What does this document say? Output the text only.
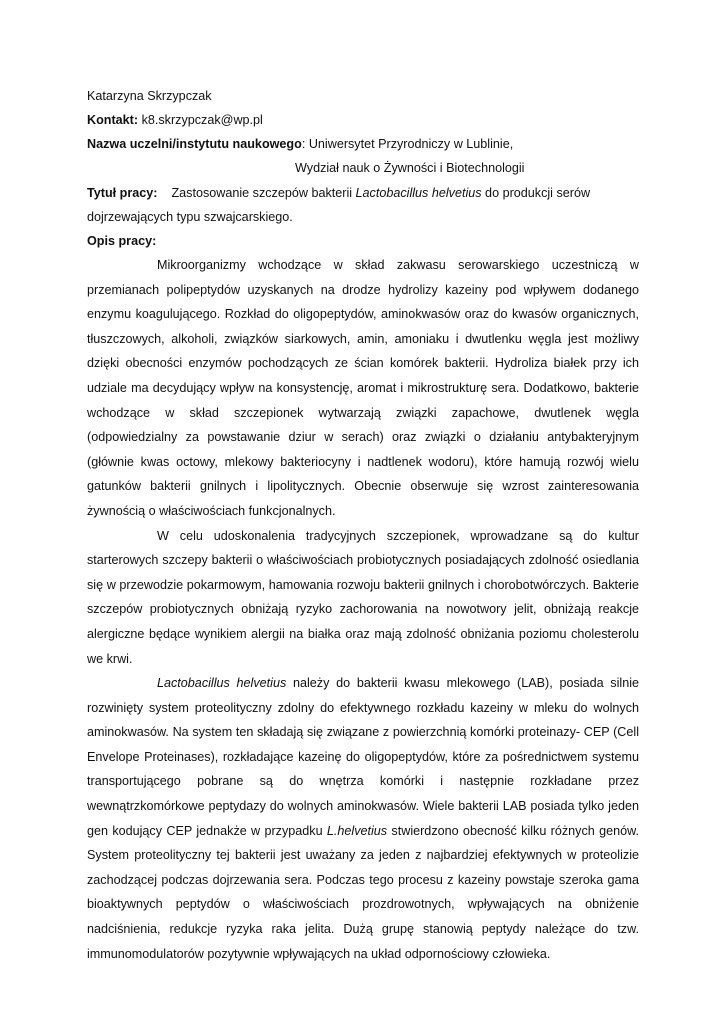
Katarzyna Skrzypczak
Kontakt: k8.skrzypczak@wp.pl
Nazwa uczelni/instytutu naukowego: Uniwersytet Przyrodniczy w Lublinie,
Wydział nauk o Żywności i Biotechnologii
Tytuł pracy: Zastosowanie szczepów bakterii Lactobacillus helvetius do produkcji serów
dojrzewających typu szwajcarskiego.
Opis pracy:

Mikroorganizmy wchodzące w skład zakwasu serowarskiego uczestniczą w przemianach polipeptydów uzyskanych na drodze hydrolizy kazeiny pod wpływem dodanego enzymu koagulującego. Rozkład do oligopeptydów, aminokwasów oraz do kwasów organicznych, tłuszczowych, alkoholi, związków siarkowych, amin, amoniaku i dwutlenku węgla jest możliwy dzięki obecności enzymów pochodzących ze ścian komórek bakterii. Hydroliza białek przy ich udziale ma decydujący wpływ na konsystencję, aromat i mikrostrukturę sera. Dodatkowo, bakterie wchodzące w skład szczepionek wytwarzają związki zapachowe, dwutlenek węgla (odpowiedzialny za powstawanie dziur w serach) oraz związki o działaniu antybakteryjnym (głównie kwas octowy, mlekowy bakteriocyny i nadtlenek wodoru), które hamują rozwój wielu gatunków bakterii gnilnych i lipolitycznych. Obecnie obserwuje się wzrost zainteresowania żywnością o właściwościach funkcjonalnych.

W celu udoskonalenia tradycyjnych szczepionek, wprowadzane są do kultur starterowych szczepy bakterii o właściwościach probiotycznych posiadających zdolność osiedlania się w przewodzie pokarmowym, hamowania rozwoju bakterii gnilnych i chorobotwórczych. Bakterie szczepów probiotycznych obniżają ryzyko zachorowania na nowotwory jelit, obniżają reakcje alergiczne będące wynikiem alergii na białka oraz mają zdolność obniżania poziomu cholesterolu we krwi.

Lactobacillus helvetius należy do bakterii kwasu mlekowego (LAB), posiada silnie rozwinięty system proteolityczny zdolny do efektywnego rozkładu kazeiny w mleku do wolnych aminokwasów. Na system ten składają się związane z powierzchnią komórki proteinazy- CEP (Cell Envelope Proteinases), rozkładające kazeinę do oligopeptydów, które za pośrednictwem systemu transportującego pobrane są do wnętrza komórki i następnie rozkładane przez wewnątrzkomórkowe peptydazy do wolnych aminokwasów. Wiele bakterii LAB posiada tylko jeden gen kodujący CEP jednakże w przypadku L.helvetius stwierdzono obecność kilku różnych genów. System proteolityczny tej bakterii jest uważany za jeden z najbardziej efektywnych w proteolizie zachodzącej podczas dojrzewania sera. Podczas tego procesu z kazeiny powstaje szeroka gama bioaktywnych peptydów o właściwościach prozdrowotnych, wpływających na obniżenie nadciśnienia, redukcje ryzyka raka jelita. Dużą grupę stanowią peptydy należące do tzw. immunomodulatorów pozytywnie wpływających na układ odpornościowy człowieka.
